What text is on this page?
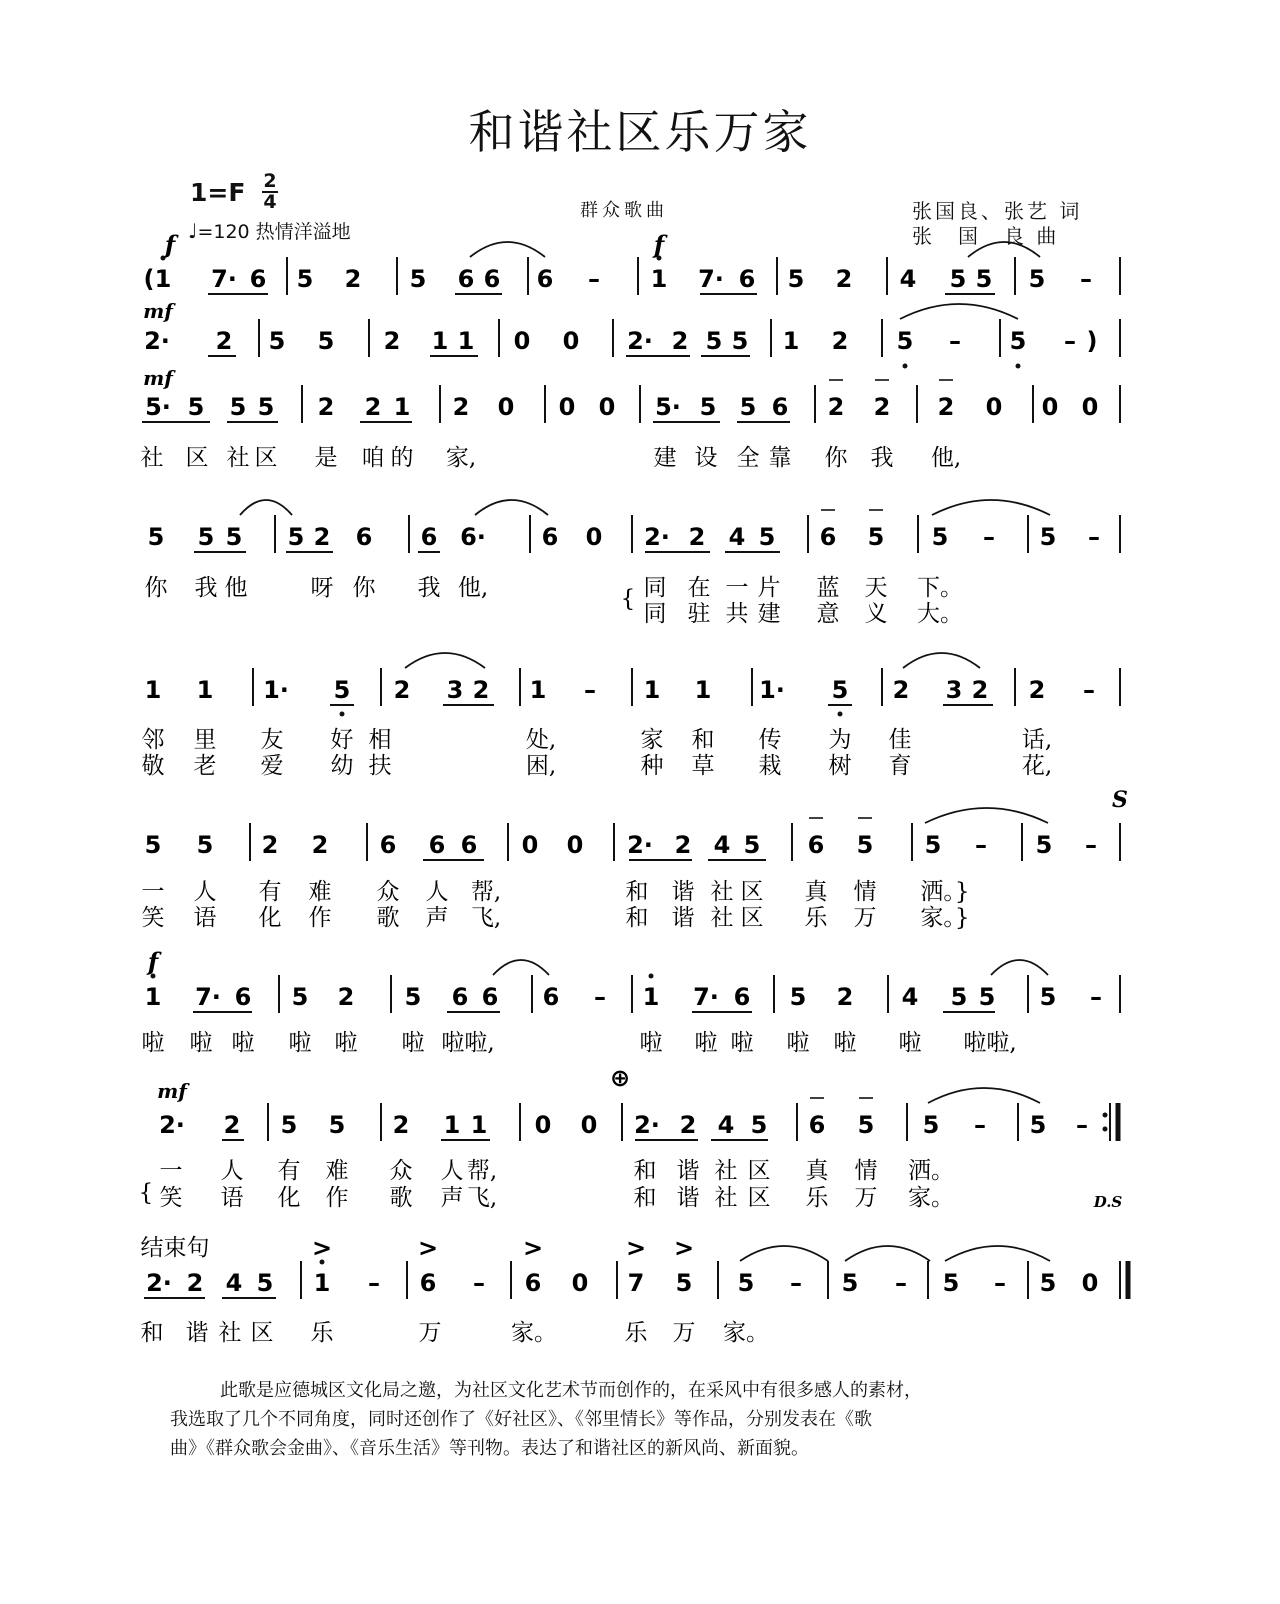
和谐社区乐万家
1=F 2
4
♩=120 热情洋溢地
群众歌曲	张国良、张艺 词
张　国　良 曲
( 1 7· 6 5 2 5 6 6 6 – 1 7· 6 5 2 4 5 5 5 –
f	f
2· 2 5 5 2 1 1 0 0 2· 2 5 5 1 2 5 – 5 – )
mf
5· 5 5 5 2 2 1 2 0 0 0 5· 5 5 6 2 2 2 0 0 0
mf
社 区 社 区 是 咱 的 家,	建 设 全 靠 你 我 他,
5 5 5 5 2 6 6 6· 6 0 2· 2 4 5 6 5 5 – 5 –
你 我 他	呀 你 我 他,	同 在 一 片 蓝 天 下。
同 驻 共 建 意 义 大。
{
1 1 1· 5 2 3 2 1 – 1 1 1· 5 2 3 2 2 –
邻 里 友 好 相	处,	家 和 传 为 佳	话,
敬 老 爱 幼 扶	困,	种 草 栽 树 育	花,
5 5 2 2 6 6 6 0 0 2· 2 4 5 6 5 5 – 5 –
S
一 人 有 难 众 人 帮,	和 谐 社 区 真 情 洒。}
笑 语 化 作 歌 声 飞,	和 谐 社 区 乐 万 家。}
1 7· 6 5 2 5 6 6 6 – 1 7· 6 5 2 4 5 5 5 –
f
啦 啦 啦 啦 啦 啦 啦啦,	啦 啦 啦 啦 啦 啦 啦啦,
2· 2 5 5 2 1 1 0 0 2· 2 4 5 6 5 5 – 5 –
mf	⊕
D.S
一 人 有 难 众 人 帮,	和 谐 社 区 真 情 洒。
笑 语 化 作 歌 声 飞,	和 谐 社 区 乐 万 家。
{
2· 2 4 5 1 – 6 – 6 0 7 5 5 – 5 – 5 – 5 0
>	>	>	> >
结束句
和 谐 社 区 乐	万	家。	乐 万 家。

此歌是应德城区文化局之邀，为社区文化艺术节而创作的，在采风中有很多感人的素材，

我选取了几个不同角度，同时还创作了《好社区》、《邻里情长》等作品，分别发表在《歌

曲》《群众歌会金曲》、《音乐生活》等刊物。表达了和谐社区的新风尚、新面貌。
